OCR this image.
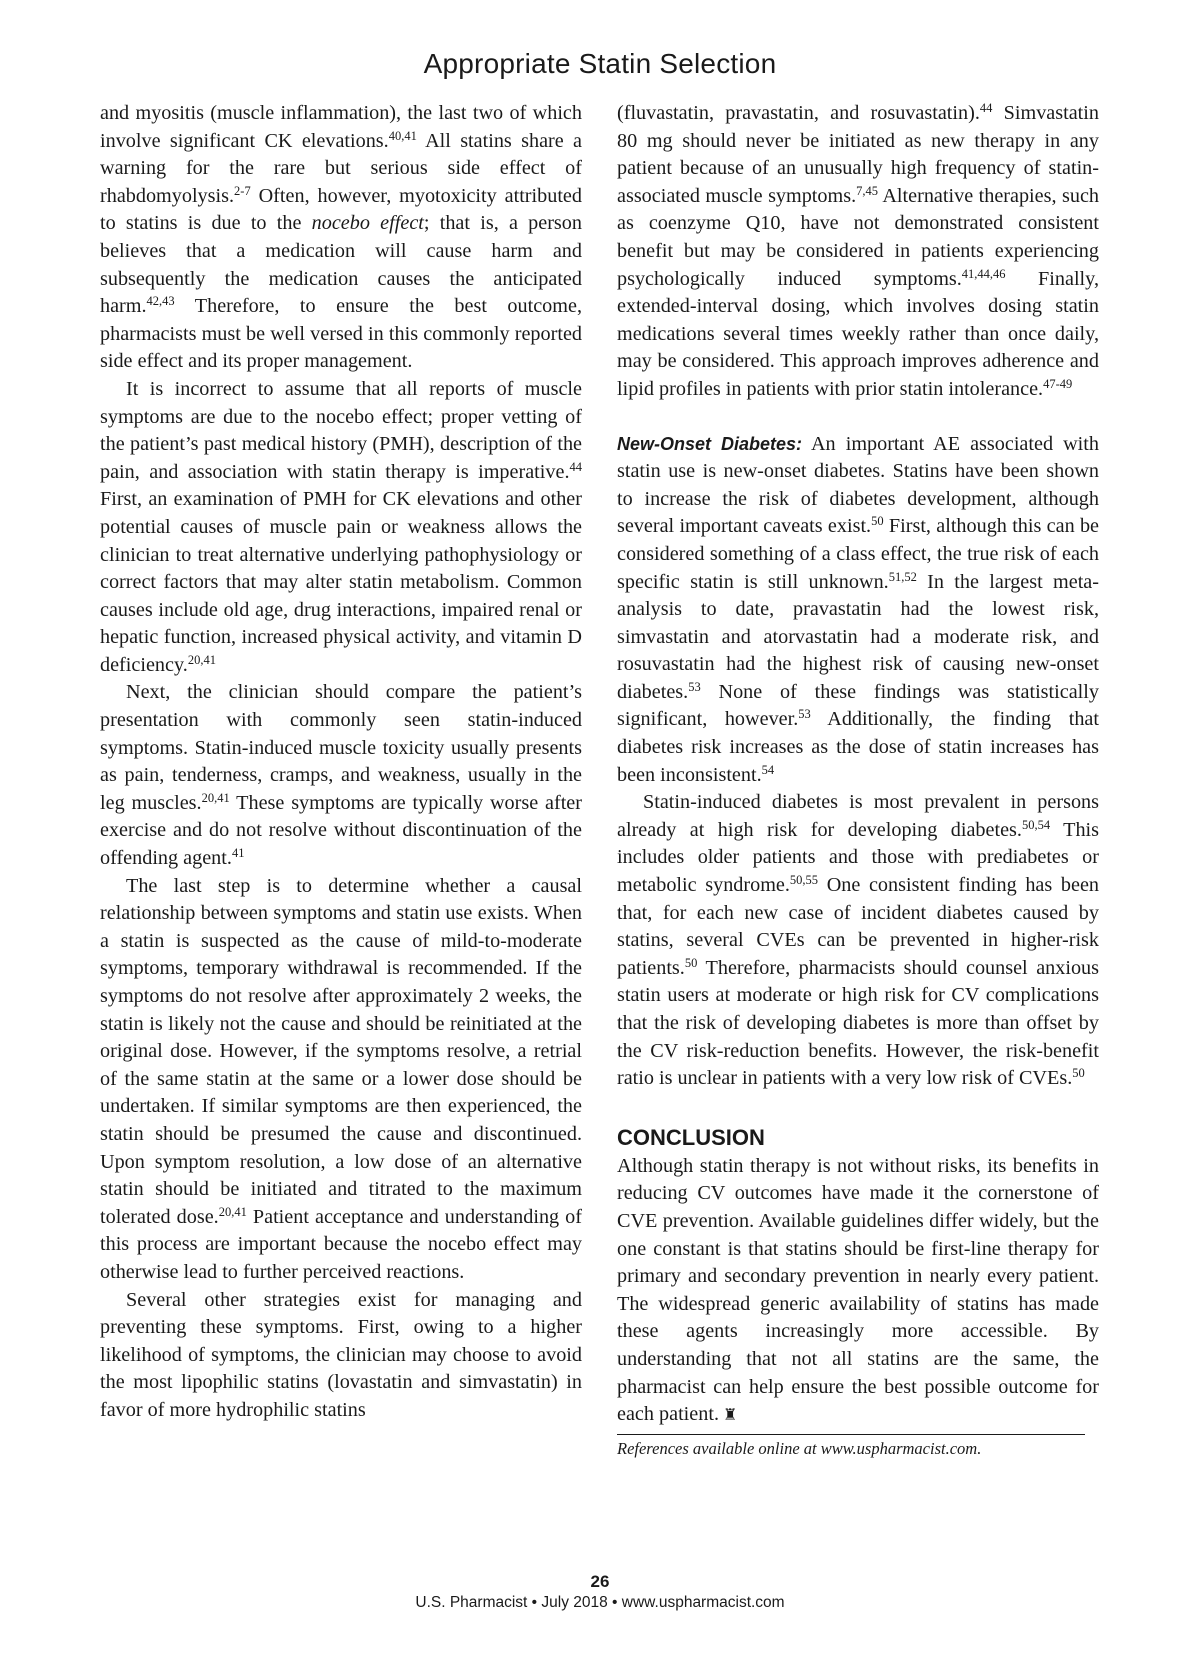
Appropriate Statin Selection

and myositis (muscle inflammation), the last two of which involve significant CK elevations.$^{40,41}$ All statins share a warning for the rare but serious side effect of rhabdomyolysis.$^{2-7}$ Often, however, myotoxicity attributed to statins is due to the nocebo effect; that is, a person believes that a medication will cause harm and subsequently the medication causes the anticipated harm.$^{42,43}$ Therefore, to ensure the best outcome, pharmacists must be well versed in this commonly reported side effect and its proper management.

It is incorrect to assume that all reports of muscle symptoms are due to the nocebo effect; proper vetting of the patient’s past medical history (PMH), description of the pain, and association with statin therapy is imperative.$^{44}$ First, an examination of PMH for CK elevations and other potential causes of muscle pain or weakness allows the clinician to treat alternative underlying pathophysiology or correct factors that may alter statin metabolism. Common causes include old age, drug interactions, impaired renal or hepatic function, increased physical activity, and vitamin D deficiency.$^{20,41}$

Next, the clinician should compare the patient’s presentation with commonly seen statin-induced symptoms. Statin-induced muscle toxicity usually presents as pain, tenderness, cramps, and weakness, usually in the leg muscles.$^{20,41}$ These symptoms are typically worse after exercise and do not resolve without discontinuation of the offending agent.$^{41}$

The last step is to determine whether a causal relationship between symptoms and statin use exists. When a statin is suspected as the cause of mild-to-moderate symptoms, temporary withdrawal is recommended. If the symptoms do not resolve after approximately 2 weeks, the statin is likely not the cause and should be reinitiated at the original dose. However, if the symptoms resolve, a retrial of the same statin at the same or a lower dose should be undertaken. If similar symptoms are then experienced, the statin should be presumed the cause and discontinued. Upon symptom resolution, a low dose of an alternative statin should be initiated and titrated to the maximum tolerated dose.$^{20,41}$ Patient acceptance and understanding of this process are important because the nocebo effect may otherwise lead to further perceived reactions.

Several other strategies exist for managing and preventing these symptoms. First, owing to a higher likelihood of symptoms, the clinician may choose to avoid the most lipophilic statins (lovastatin and simvastatin) in favor of more hydrophilic statins

(fluvastatin, pravastatin, and rosuvastatin).$^{44}$ Simvastatin 80 mg should never be initiated as new therapy in any patient because of an unusually high frequency of statin-associated muscle symptoms.$^{7,45}$ Alternative therapies, such as coenzyme Q10, have not demonstrated consistent benefit but may be considered in patients experiencing psychologically induced symptoms.$^{41,44,46}$ Finally, extended-interval dosing, which involves dosing statin medications several times weekly rather than once daily, may be considered. This approach improves adherence and lipid profiles in patients with prior statin intolerance.$^{47-49}$

New-Onset Diabetes: An important AE associated with statin use is new-onset diabetes. Statins have been shown to increase the risk of diabetes development, although several important caveats exist.$^{50}$ First, although this can be considered something of a class effect, the true risk of each specific statin is still unknown.$^{51,52}$ In the largest meta-analysis to date, pravastatin had the lowest risk, simvastatin and atorvastatin had a moderate risk, and rosuvastatin had the highest risk of causing new-onset diabetes.$^{53}$ None of these findings was statistically significant, however.$^{53}$ Additionally, the finding that diabetes risk increases as the dose of statin increases has been inconsistent.$^{54}$

Statin-induced diabetes is most prevalent in persons already at high risk for developing diabetes.$^{50,54}$ This includes older patients and those with prediabetes or metabolic syndrome.$^{50,55}$ One consistent finding has been that, for each new case of incident diabetes caused by statins, several CVEs can be prevented in higher-risk patients.$^{50}$ Therefore, pharmacists should counsel anxious statin users at moderate or high risk for CV complications that the risk of developing diabetes is more than offset by the CV risk-reduction benefits. However, the risk-benefit ratio is unclear in patients with a very low risk of CVEs.$^{50}$

CONCLUSION

Although statin therapy is not without risks, its benefits in reducing CV outcomes have made it the cornerstone of CVE prevention. Available guidelines differ widely, but the one constant is that statins should be first-line therapy for primary and secondary prevention in nearly every patient. The widespread generic availability of statins has made these agents increasingly more accessible. By understanding that not all statins are the same, the pharmacist can help ensure the best possible outcome for each patient. ♜

References available online at www.uspharmacist.com.
26
U.S. Pharmacist • July 2018 • www.uspharmacist.com
